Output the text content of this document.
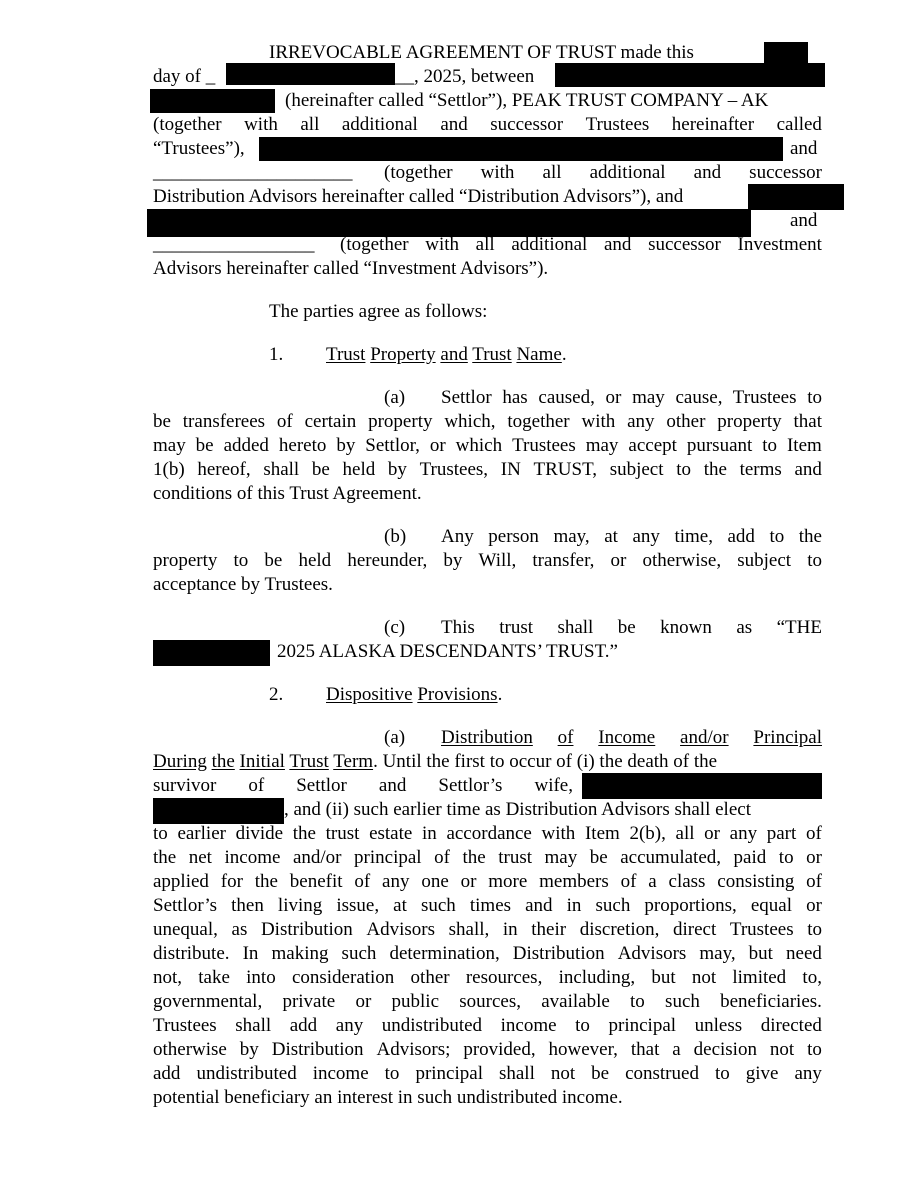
IRREVOCABLE AGREEMENT OF TRUST made this
day of _	__, 2025, between
(hereinafter called “Settlor”), PEAK TRUST COMPANY – AK
(together with all additional and successor Trustees hereinafter called
“Trustees”),	and
_____________________ (together with all additional and successor
Distribution Advisors hereinafter called “Distribution Advisors”), and
and
_________________ (together with all additional and successor Investment
Advisors hereinafter called “Investment Advisors”).
The parties agree as follows:
1. Trust Property and Trust Name.
(a) Settlor has caused, or may cause, Trustees to
be transferees of certain property which, together with any other property that
may be added hereto by Settlor, or which Trustees may accept pursuant to Item
1(b) hereof, shall be held by Trustees, IN TRUST, subject to the terms and
conditions of this Trust Agreement.
(b) Any person may, at any time, add to the
property to be held hereunder, by Will, transfer, or otherwise, subject to
acceptance by Trustees.
(c) This trust shall be known as “THE
2025 ALASKA DESCENDANTS’ TRUST.”
2. Dispositive Provisions.
(a) Distribution of Income and/or Principal
During the Initial Trust Term. Until the first to occur of (i) the death of the
survivor of Settlor and Settlor’s wife,
, and (ii) such earlier time as Distribution Advisors shall elect
to earlier divide the trust estate in accordance with Item 2(b), all or any part of
the net income and/or principal of the trust may be accumulated, paid to or
applied for the benefit of any one or more members of a class consisting of
Settlor’s then living issue, at such times and in such proportions, equal or
unequal, as Distribution Advisors shall, in their discretion, direct Trustees to
distribute. In making such determination, Distribution Advisors may, but need
not, take into consideration other resources, including, but not limited to,
governmental, private or public sources, available to such beneficiaries.
Trustees shall add any undistributed income to principal unless directed
otherwise by Distribution Advisors; provided, however, that a decision not to
add undistributed income to principal shall not be construed to give any
potential beneficiary an interest in such undistributed income.
